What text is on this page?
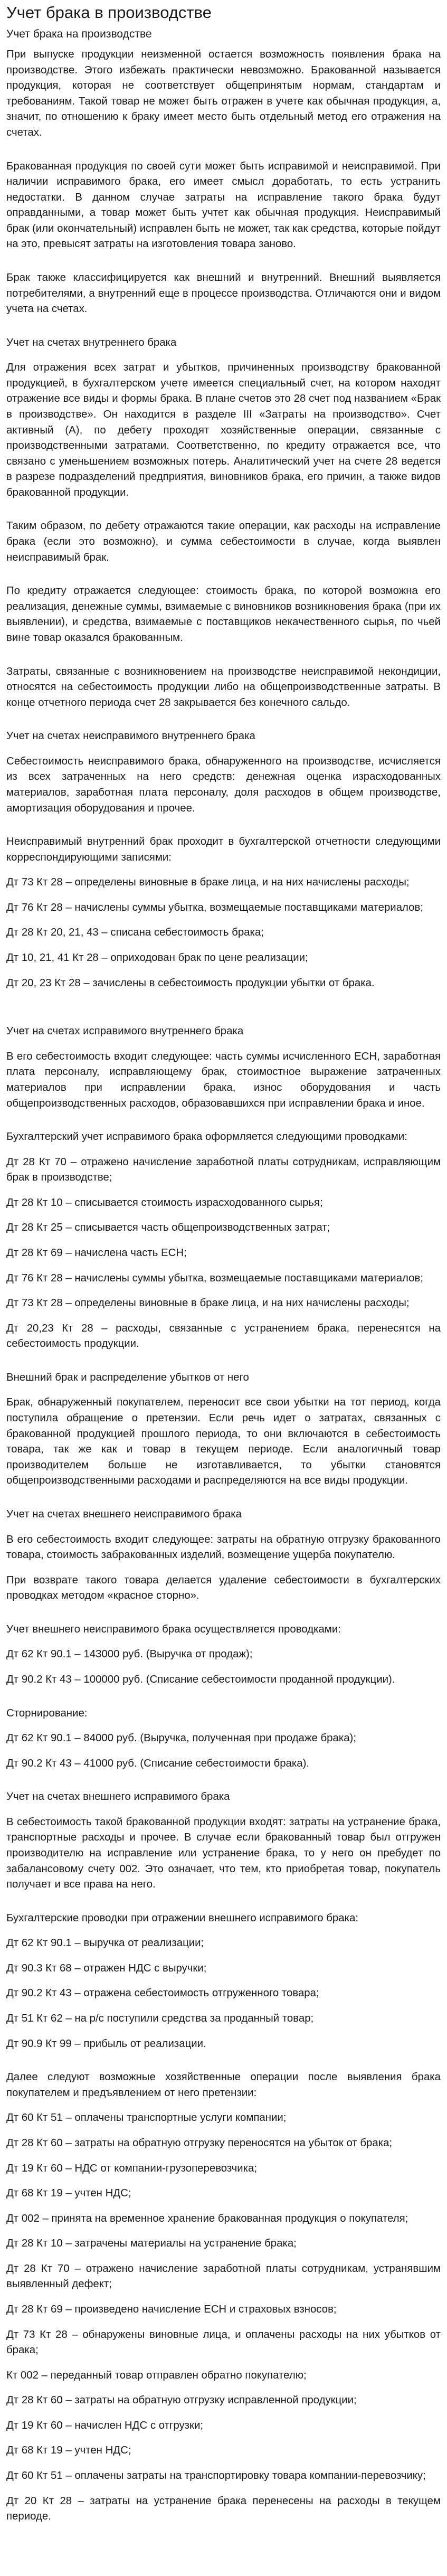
Учет брака в производстве
Учет брака на производстве

При выпуске продукции неизменной остается возможность появления брака на производстве. Этого избежать практически невозможно. Бракованной называется продукция, которая не соответствует общепринятым нормам, стандартам и требованиям. Такой товар не может быть отражен в учете как обычная продукция, а, значит, по отношению к браку имеет место быть отдельный метод его отражения на счетах.

Бракованная продукция по своей сути может быть исправимой и неисправимой. При наличии исправимого брака, его имеет смысл доработать, то есть устранить недостатки. В данном случае затраты на исправление такого брака будут оправданными, а товар может быть учтет как обычная продукция. Неисправимый брак (или окончательный) исправлен быть не может, так как средства, которые пойдут на это, превысят затраты на изготовления товара заново.

Брак также классифицируется как внешний и внутренний. Внешний выявляется потребителями, а внутренний еще в процессе производства. Отличаются они и видом учета на счетах.

Учет на счетах внутреннего брака

Для отражения всех затрат и убытков, причиненных производству бракованной продукцией, в бухгалтерском учете имеется специальный счет, на котором находят отражение все виды и формы брака. В плане счетов это 28 счет под названием «Брак в производстве». Он находится в разделе III «Затраты на производство». Счет активный (А), по дебету проходят хозяйственные операции, связанные с производственными затратами. Соответственно, по кредиту отражается все, что связано с уменьшением возможных потерь. Аналитический учет на счете 28 ведется в разрезе подразделений предприятия, виновников брака, его причин, а также видов бракованной продукции.

Таким образом, по дебету отражаются такие операции, как расходы на исправление брака (если это возможно), и сумма себестоимости в случае, когда выявлен неисправимый брак.

По кредиту отражается следующее: стоимость брака, по которой возможна его реализация, денежные суммы, взимаемые с виновников возникновения брака (при их выявлении), и средства, взимаемые с поставщиков некачественного сырья, по чьей вине товар оказался бракованным.

Затраты, связанные с возникновением на производстве неисправимой некондиции, относятся на себестоимость продукции либо на общепроизводственные затраты. В конце отчетного периода счет 28 закрывается без конечного сальдо.

Учет на счетах неисправимого внутреннего брака

Себестоимость неисправимого брака, обнаруженного на производстве, исчисляется из всех затраченных на него средств: денежная оценка израсходованных материалов, заработная плата персоналу, доля расходов в общем производстве, амортизация оборудования и прочее.

Неисправимый внутренний брак проходит в бухгалтерской отчетности следующими корреспондирующими записями:

Дт 73 Кт 28 – определены виновные в браке лица, и на них начислены расходы;

Дт 76 Кт 28 – начислены суммы убытка, возмещаемые поставщиками материалов;

Дт 28 Кт 20, 21, 43 – списана себестоимость брака;

Дт 10, 21, 41 Кт 28 – оприходован брак по цене реализации;

Дт 20, 23 Кт 28 – зачислены в себестоимость продукции убытки от брака.

Учет на счетах исправимого внутреннего брака

В его себестоимость входит следующее: часть суммы исчисленного ЕСН, заработная плата персоналу, исправляющему брак, стоимостное выражение затраченных материалов при исправлении брака, износ оборудования и часть общепроизводственных расходов, образовавшихся при исправлении брака и иное.

Бухгалтерский учет исправимого брака оформляется следующими проводками:

Дт 28 Кт 70 – отражено начисление заработной платы сотрудникам, исправляющим брак в производстве;

Дт 28 Кт 10 – списывается стоимость израсходованного сырья;

Дт 28 Кт 25 – списывается часть общепроизводственных затрат;

Дт 28 Кт 69 – начислена часть ЕСН;

Дт 76 Кт 28 – начислены суммы убытка, возмещаемые поставщиками материалов;

Дт 73 Кт 28 – определены виновные в браке лица, и на них начислены расходы;

Дт 20,23 Кт 28 – расходы, связанные с устранением брака, перенесятся на себестоимость продукции.

Внешний брак и распределение убытков от него

Брак, обнаруженный покупателем, переносит все свои убытки на тот период, когда поступила обращение о претензии. Если речь идет о затратах, связанных с бракованной продукцией прошлого периода, то они включаются в себестоимость товара, так же как и товар в текущем периоде. Если аналогичный товар производителем больше не изготавливается, то убытки становятся общепроизводственными расходами и распределяются на все виды продукции.

Учет на счетах внешнего неисправимого брака

В его себестоимость входит следующее: затраты на обратную отгрузку бракованного товара, стоимость забракованных изделий, возмещение ущерба покупателю.

При возврате такого товара делается удаление себестоимости в бухгалтерских проводках методом «красное сторно».

Учет внешнего неисправимого брака осуществляется проводками:

Дт 62 Кт 90.1 – 143000 руб. (Выручка от продаж);

Дт 90.2 Кт 43 – 100000 руб. (Списание себестоимости проданной продукции).

Сторнирование:

Дт 62 Кт 90.1 – 84000 руб. (Выручка, полученная при продаже брака);

Дт 90.2 Кт 43 – 41000 руб. (Списание себестоимости брака).

Учет на счетах внешнего исправимого брака

В себестоимость такой бракованной продукции входят: затраты на устранение брака, транспортные расходы и прочее. В случае если бракованный товар был отгружен производителю на исправление или устранение брака, то у него он пребудет по забалансовому счету 002. Это означает, что тем, кто приобретая товар, покупатель получает и все права на него.

Бухгалтерские проводки при отражении внешнего исправимого брака:

Дт 62 Кт 90.1 – выручка от реализации;

Дт 90.3 Кт 68 – отражен НДС с выручки;

Дт 90.2 Кт 43 – отражена себестоимость отгруженного товара;

Дт 51 Кт 62 – на р/с поступили средства за проданный товар;

Дт 90.9 Кт 99 – прибыль от реализации.

Далее следуют возможные хозяйственные операции после выявления брака покупателем и предъявлением от него претензии:

Дт 60 Кт 51 – оплачены транспортные услуги компании;

Дт 28 Кт 60 – затраты на обратную отгрузку переносятся на убыток от брака;

Дт 19 Кт 60 – НДС от компании-грузоперевозчика;

Дт 68 Кт 19 – учтен НДС;

Дт 002 – принята на временное хранение бракованная продукция о покупателя;

Дт 28 Кт 10 – затрачены материалы на устранение брака;

Дт 28 Кт 70 – отражено начисление заработной платы сотрудникам, устранявшим выявленный дефект;

Дт 28 Кт 69 – произведено начисление ЕСН и страховых взносов;

Дт 73 Кт 28 – обнаружены виновные лица, и оплачены расходы на них убытков от брака;

Кт 002 – переданный товар отправлен обратно покупателю;

Дт 28 Кт 60 – затраты на обратную отгрузку исправленной продукции;

Дт 19 Кт 60 – начислен НДС с отгрузки;

Дт 68 Кт 19 – учтен НДС;

Дт 60 Кт 51 – оплачены затраты на транспортировку товара компании-перевозчику;

Дт 20 Кт 28 – затраты на устранение брака перенесены на расходы в текущем периоде.
